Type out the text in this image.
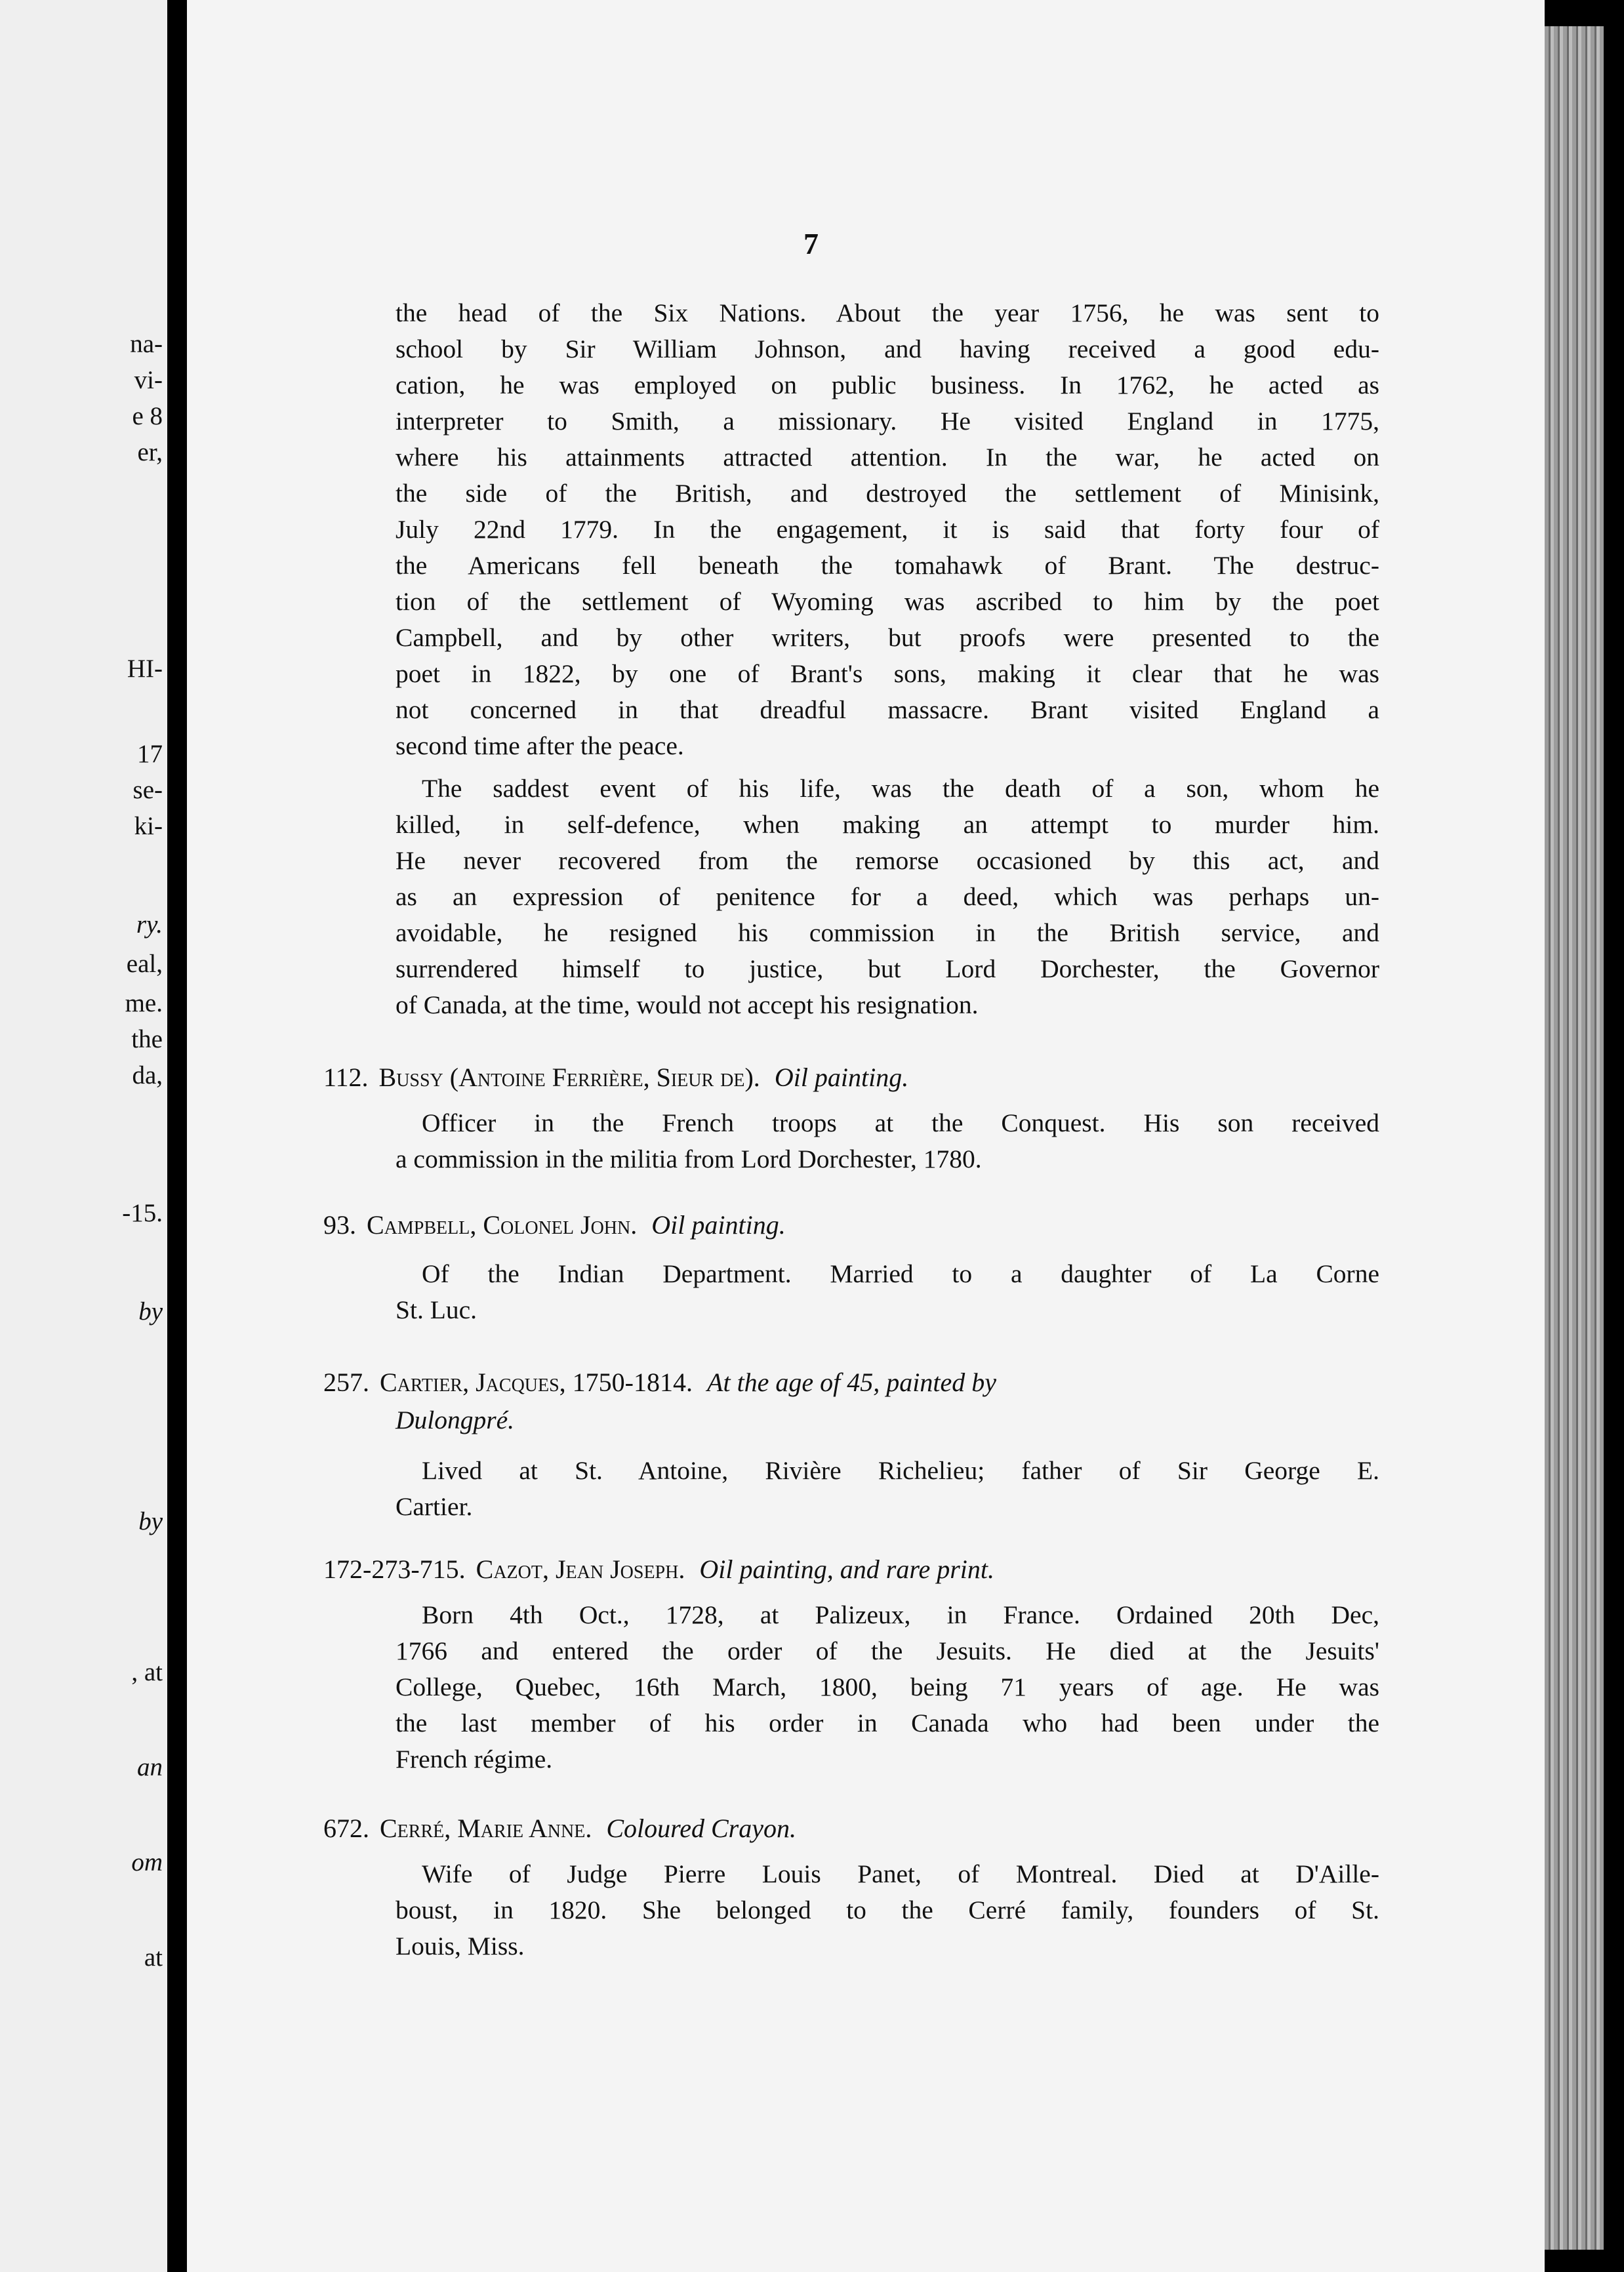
na-
vi-
e 8
er,
HI-
17
se-
ki-
ry.
eal,
me.
the
da,
-15.
by
by
, at
an
om
at
7
the head of the Six Nations. About the year 1756, he was sent to
school by Sir William Johnson, and having received a good edu-
cation, he was employed on public business. In 1762, he acted as
interpreter to Smith, a missionary. He visited England in 1775,
where his attainments attracted attention. In the war, he acted on
the side of the British, and destroyed the settlement of Minisink,
July 22nd 1779. In the engagement, it is said that forty four of
the Americans fell beneath the tomahawk of Brant. The destruc-
tion of the settlement of Wyoming was ascribed to him by the poet
Campbell, and by other writers, but proofs were presented to the
poet in 1822, by one of Brant's sons, making it clear that he was
not concerned in that dreadful massacre. Brant visited England a
second time after the peace.
The saddest event of his life, was the death of a son, whom he
killed, in self-defence, when making an attempt to murder him.
He never recovered from the remorse occasioned by this act, and
as an expression of penitence for a deed, which was perhaps un-
avoidable, he resigned his commission in the British service, and
surrendered himself to justice, but Lord Dorchester, the Governor
of Canada, at the time, would not accept his resignation.
112. Bussy (Antoine Ferrière, Sieur de). Oil painting.
Officer in the French troops at the Conquest. His son received
a commission in the militia from Lord Dorchester, 1780.
93. Campbell, Colonel John. Oil painting.
Of the Indian Department. Married to a daughter of La Corne
St. Luc.
257. Cartier, Jacques, 1750-1814. At the age of 45, painted by
Dulongpré.
Lived at St. Antoine, Rivière Richelieu; father of Sir George E.
Cartier.
172-273-715. Cazot, Jean Joseph. Oil painting, and rare print.
Born 4th Oct., 1728, at Palizeux, in France. Ordained 20th Dec,
1766 and entered the order of the Jesuits. He died at the Jesuits'
College, Quebec, 16th March, 1800, being 71 years of age. He was
the last member of his order in Canada who had been under the
French régime.
672. Cerré, Marie Anne. Coloured Crayon.
Wife of Judge Pierre Louis Panet, of Montreal. Died at D'Aille-
boust, in 1820. She belonged to the Cerré family, founders of St.
Louis, Miss.
